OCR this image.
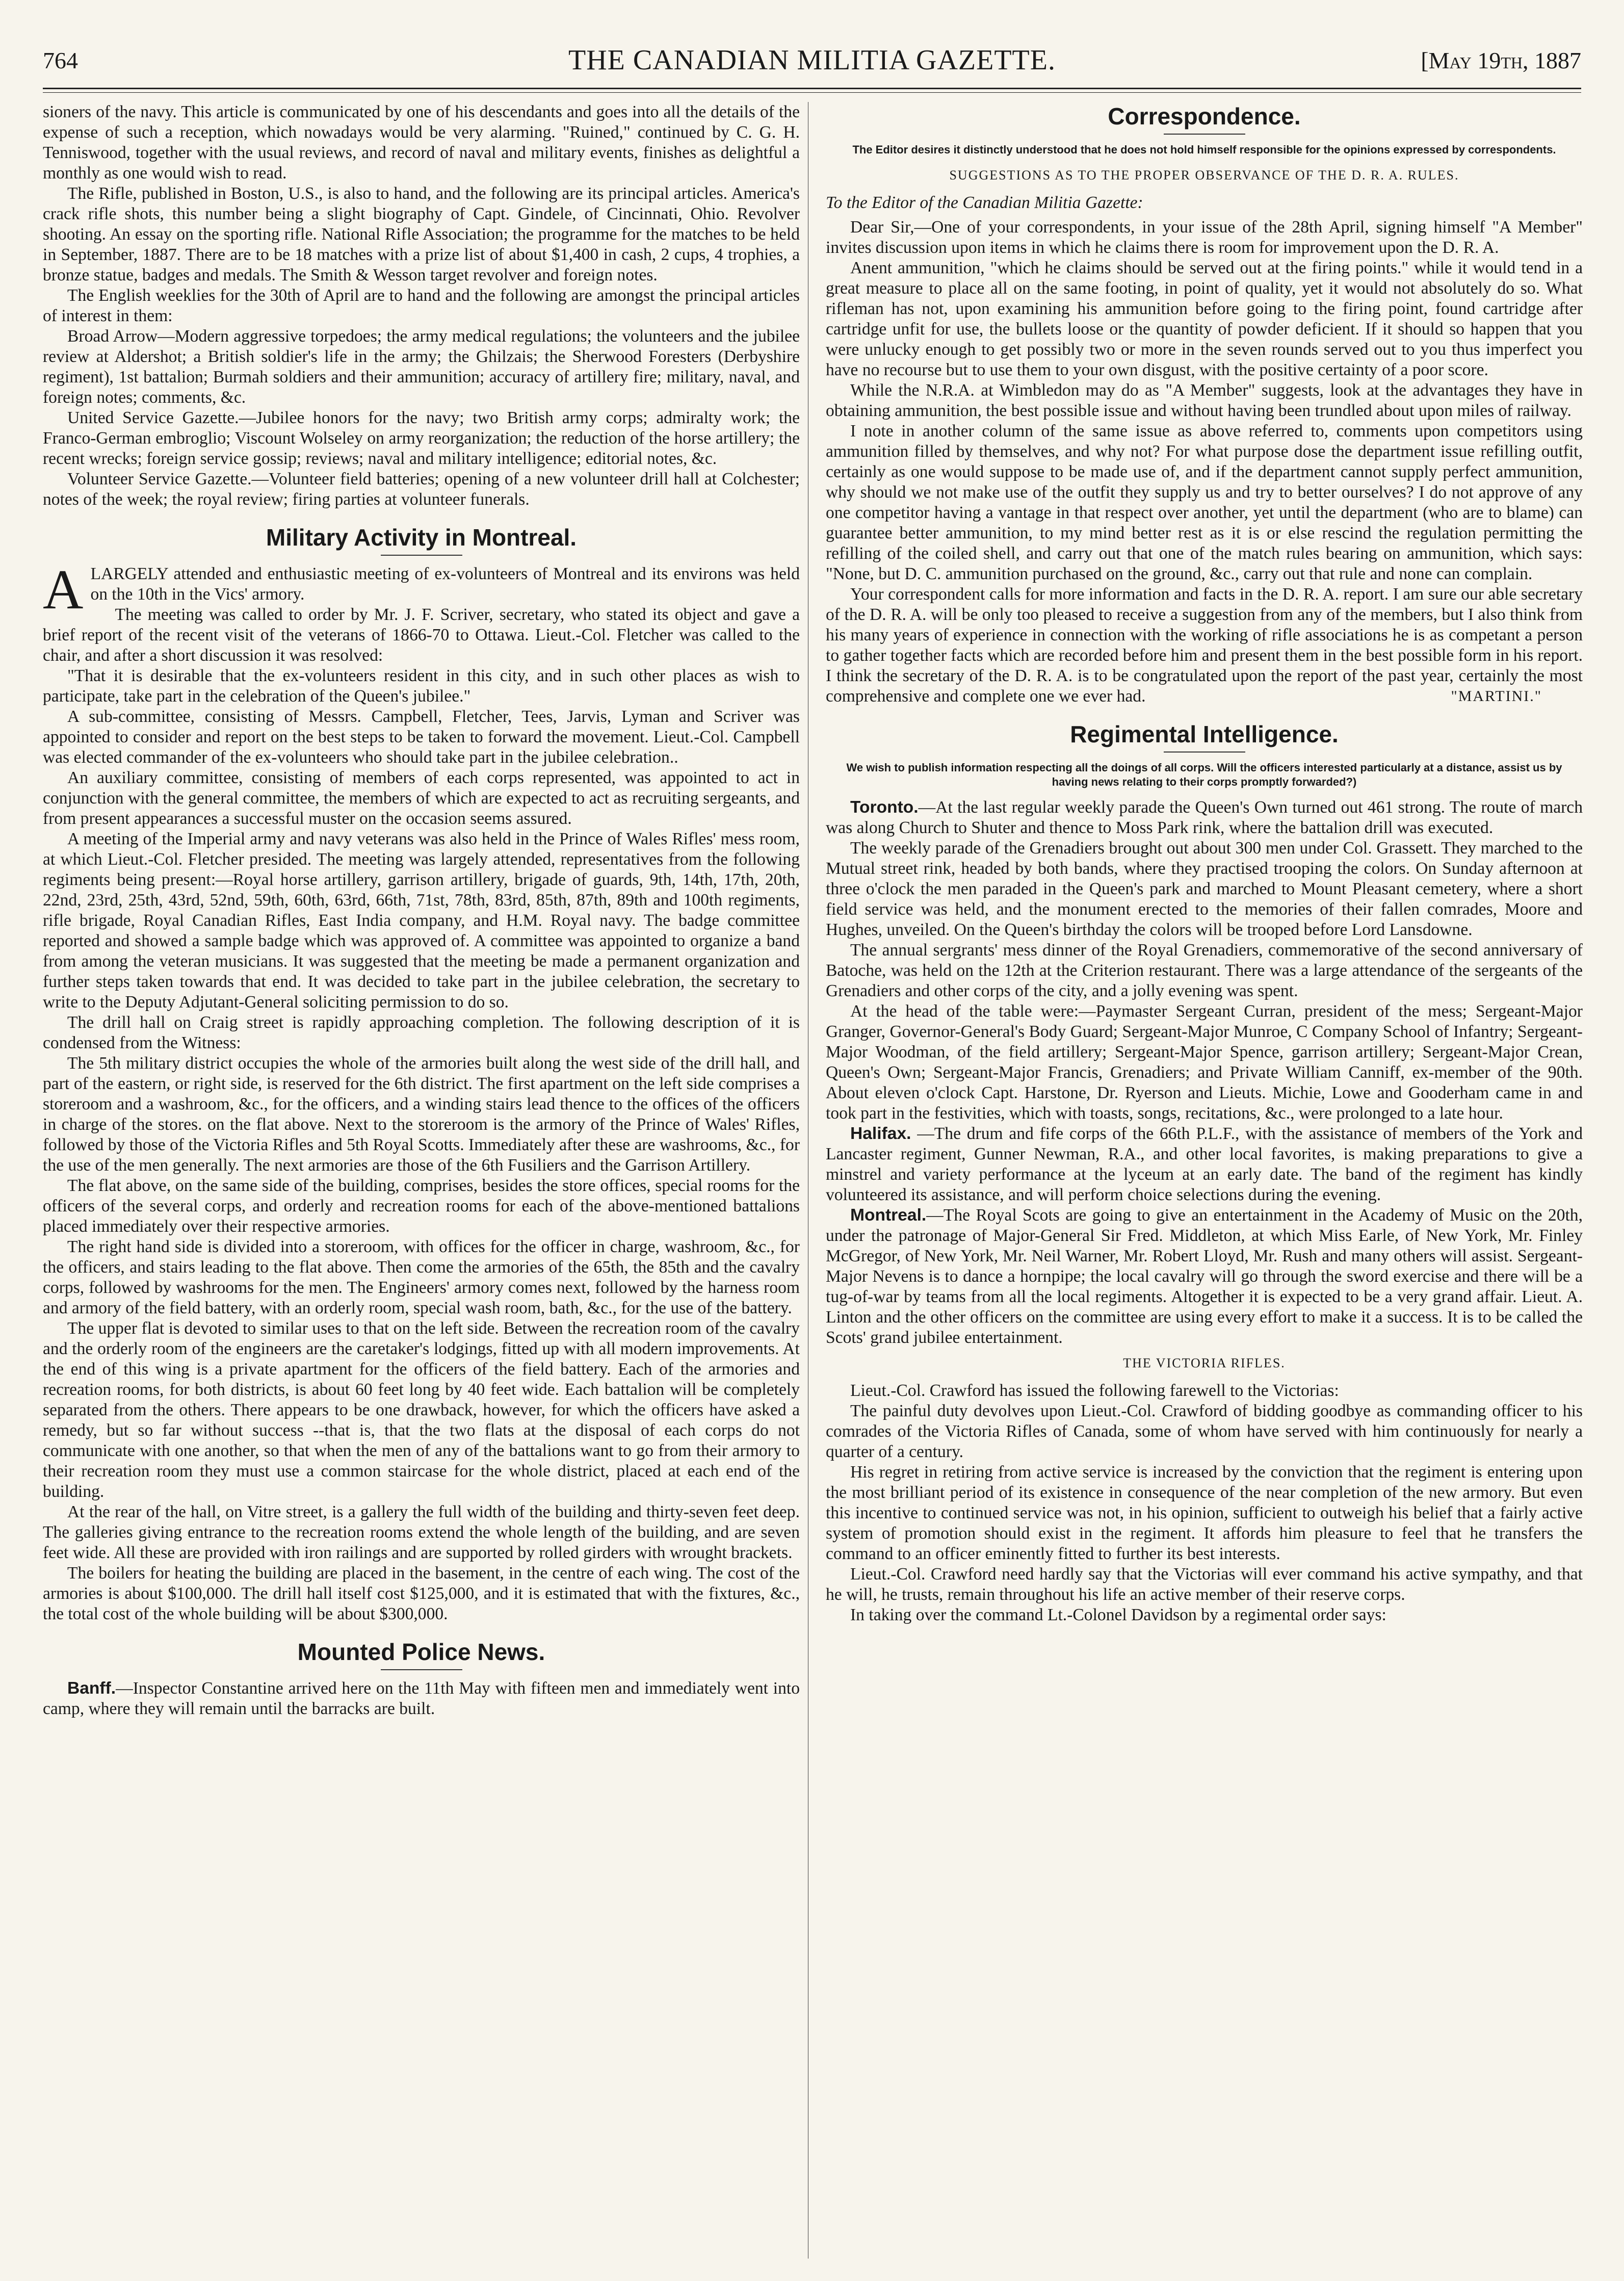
764	THE CANADIAN MILITIA GAZETTE.	[May 19th, 1887

sioners of the navy. This article is communicated by one of his descendants and goes into all the details of the expense of such a reception, which nowadays would be very alarming. "Ruined," continued by C. G. H. Tenniswood, together with the usual reviews, and record of naval and military events, finishes as delightful a monthly as one would wish to read.

The Rifle, published in Boston, U.S., is also to hand, and the following are its principal articles. America's crack rifle shots, this number being a slight biography of Capt. Gindele, of Cincinnati, Ohio. Revolver shooting. An essay on the sporting rifle. National Rifle Association; the programme for the matches to be held in September, 1887. There are to be 18 matches with a prize list of about $1,400 in cash, 2 cups, 4 trophies, a bronze statue, badges and medals. The Smith & Wesson target revolver and foreign notes.

The English weeklies for the 30th of April are to hand and the following are amongst the principal articles of interest in them:

Broad Arrow—Modern aggressive torpedoes; the army medical regulations; the volunteers and the jubilee review at Aldershot; a British soldier's life in the army; the Ghilzais; the Sherwood Foresters (Derbyshire regiment), 1st battalion; Burmah soldiers and their ammunition; accuracy of artillery fire; military, naval, and foreign notes; comments, &c.

United Service Gazette.—Jubilee honors for the navy; two British army corps; admiralty work; the Franco-German embroglio; Viscount Wolseley on army reorganization; the reduction of the horse artillery; the recent wrecks; foreign service gossip; reviews; naval and military intelligence; editorial notes, &c.

Volunteer Service Gazette.—Volunteer field batteries; opening of a new volunteer drill hall at Colchester; notes of the week; the royal review; firing parties at volunteer funerals.

Military Activity in Montreal.

ALARGELY attended and enthusiastic meeting of ex-volunteers of Montreal and its environs was held on the 10th in the Vics' armory.

The meeting was called to order by Mr. J. F. Scriver, secretary, who stated its object and gave a brief report of the recent visit of the veterans of 1866-70 to Ottawa. Lieut.-Col. Fletcher was called to the chair, and after a short discussion it was resolved:

"That it is desirable that the ex-volunteers resident in this city, and in such other places as wish to participate, take part in the celebration of the Queen's jubilee."

A sub-committee, consisting of Messrs. Campbell, Fletcher, Tees, Jarvis, Lyman and Scriver was appointed to consider and report on the best steps to be taken to forward the movement. Lieut.-Col. Campbell was elected commander of the ex-volunteers who should take part in the jubilee celebration..

An auxiliary committee, consisting of members of each corps represented, was appointed to act in conjunction with the general committee, the members of which are expected to act as recruiting sergeants, and from present appearances a successful muster on the occasion seems assured.

A meeting of the Imperial army and navy veterans was also held in the Prince of Wales Rifles' mess room, at which Lieut.-Col. Fletcher presided. The meeting was largely attended, representatives from the following regiments being present:—Royal horse artillery, garrison artillery, brigade of guards, 9th, 14th, 17th, 20th, 22nd, 23rd, 25th, 43rd, 52nd, 59th, 60th, 63rd, 66th, 71st, 78th, 83rd, 85th, 87th, 89th and 100th regiments, rifle brigade, Royal Canadian Rifles, East India company, and H.M. Royal navy. The badge committee reported and showed a sample badge which was approved of. A committee was appointed to organize a band from among the veteran musicians. It was suggested that the meeting be made a permanent organization and further steps taken towards that end. It was decided to take part in the jubilee celebration, the secretary to write to the Deputy Adjutant-General soliciting permission to do so.

The drill hall on Craig street is rapidly approaching completion. The following description of it is condensed from the Witness:

The 5th military district occupies the whole of the armories built along the west side of the drill hall, and part of the eastern, or right side, is reserved for the 6th district. The first apartment on the left side comprises a storeroom and a washroom, &c., for the officers, and a winding stairs lead thence to the offices of the officers in charge of the stores. on the flat above. Next to the storeroom is the armory of the Prince of Wales' Rifles, followed by those of the Victoria Rifles and 5th Royal Scotts. Immediately after these are washrooms, &c., for the use of the men generally. The next armories are those of the 6th Fusiliers and the Garrison Artillery.

The flat above, on the same side of the building, comprises, besides the store offices, special rooms for the officers of the several corps, and orderly and recreation rooms for each of the above-mentioned battalions placed immediately over their respective armories.

The right hand side is divided into a storeroom, with offices for the officer in charge, washroom, &c., for the officers, and stairs leading to the flat above. Then come the armories of the 65th, the 85th and the cavalry corps, followed by washrooms for the men. The Engineers' armory comes next, followed by the harness room and armory of the field battery, with an orderly room, special wash room, bath, &c., for the use of the battery.

The upper flat is devoted to similar uses to that on the left side. Between the recreation room of the cavalry and the orderly room of the engineers are the caretaker's lodgings, fitted up with all modern improvements. At the end of this wing is a private apartment for the officers of the field battery. Each of the armories and recreation rooms, for both districts, is about 60 feet long by 40 feet wide. Each battalion will be completely separated from the others. There appears to be one drawback, however, for which the officers have asked a remedy, but so far without success --that is, that the two flats at the disposal of each corps do not communicate with one another, so that when the men of any of the battalions want to go from their armory to their recreation room they must use a common staircase for the whole district, placed at each end of the building.

At the rear of the hall, on Vitre street, is a gallery the full width of the building and thirty-seven feet deep. The galleries giving entrance to the recreation rooms extend the whole length of the building, and are seven feet wide. All these are provided with iron railings and are supported by rolled girders with wrought brackets.

The boilers for heating the building are placed in the basement, in the centre of each wing. The cost of the armories is about $100,000. The drill hall itself cost $125,000, and it is estimated that with the fixtures, &c., the total cost of the whole building will be about $300,000.

Mounted Police News.

Banff.—Inspector Constantine arrived here on the 11th May with fifteen men and immediately went into camp, where they will remain until the barracks are built.

Correspondence.
The Editor desires it distinctly understood that he does not hold himself responsible for the opinions expressed by correspondents.
SUGGESTIONS AS TO THE PROPER OBSERVANCE OF THE D. R. A. RULES.

To the Editor of the Canadian Militia Gazette:

Dear Sir,—One of your correspondents, in your issue of the 28th April, signing himself "A Member" invites discussion upon items in which he claims there is room for improvement upon the D. R. A.

Anent ammunition, "which he claims should be served out at the firing points." while it would tend in a great measure to place all on the same footing, in point of quality, yet it would not absolutely do so. What rifleman has not, upon examining his ammunition before going to the firing point, found cartridge after cartridge unfit for use, the bullets loose or the quantity of powder deficient. If it should so happen that you were unlucky enough to get possibly two or more in the seven rounds served out to you thus imperfect you have no recourse but to use them to your own disgust, with the positive certainty of a poor score.

While the N.R.A. at Wimbledon may do as "A Member" suggests, look at the advantages they have in obtaining ammunition, the best possible issue and without having been trundled about upon miles of railway.

I note in another column of the same issue as above referred to, comments upon competitors using ammunition filled by themselves, and why not? For what purpose dose the department issue refilling outfit, certainly as one would suppose to be made use of, and if the department cannot supply perfect ammunition, why should we not make use of the outfit they supply us and try to better ourselves? I do not approve of any one competitor having a vantage in that respect over another, yet until the department (who are to blame) can guarantee better ammunition, to my mind better rest as it is or else rescind the regulation permitting the refilling of the coiled shell, and carry out that one of the match rules bearing on ammunition, which says: "None, but D. C. ammunition purchased on the ground, &c., carry out that rule and none can complain.

Your correspondent calls for more information and facts in the D. R. A. report. I am sure our able secretary of the D. R. A. will be only too pleased to receive a suggestion from any of the members, but I also think from his many years of experience in connection with the working of rifle associations he is as competant a person to gather together facts which are recorded before him and present them in the best possible form in his report. I think the secretary of the D. R. A. is to be congratulated upon the report of the past year, certainly the most comprehensive and complete one we ever had.	"MARTINI."
Regimental Intelligence.
We wish to publish information respecting all the doings of all corps. Will the officers interested particularly at a distance, assist us by having news relating to their corps promptly forwarded?)

Toronto.—At the last regular weekly parade the Queen's Own turned out 461 strong. The route of march was along Church to Shuter and thence to Moss Park rink, where the battalion drill was executed.

The weekly parade of the Grenadiers brought out about 300 men under Col. Grassett. They marched to the Mutual street rink, headed by both bands, where they practised trooping the colors. On Sunday afternoon at three o'clock the men paraded in the Queen's park and marched to Mount Pleasant cemetery, where a short field service was held, and the monument erected to the memories of their fallen comrades, Moore and Hughes, unveiled. On the Queen's birthday the colors will be trooped before Lord Lansdowne.

The annual sergrants' mess dinner of the Royal Grenadiers, commemorative of the second anniversary of Batoche, was held on the 12th at the Criterion restaurant. There was a large attendance of the sergeants of the Grenadiers and other corps of the city, and a jolly evening was spent.

At the head of the table were:—Paymaster Sergeant Curran, president of the mess; Sergeant-Major Granger, Governor-General's Body Guard; Sergeant-Major Munroe, C Company School of Infantry; Sergeant-Major Woodman, of the field artillery; Sergeant-Major Spence, garrison artillery; Sergeant-Major Crean, Queen's Own; Sergeant-Major Francis, Grenadiers; and Private William Canniff, ex-member of the 90th. About eleven o'clock Capt. Harstone, Dr. Ryerson and Lieuts. Michie, Lowe and Gooderham came in and took part in the festivities, which with toasts, songs, recitations, &c., were prolonged to a late hour.

Halifax. —The drum and fife corps of the 66th P.L.F., with the assistance of members of the York and Lancaster regiment, Gunner Newman, R.A., and other local favorites, is making preparations to give a minstrel and variety performance at the lyceum at an early date. The band of the regiment has kindly volunteered its assistance, and will perform choice selections during the evening.

Montreal.—The Royal Scots are going to give an entertainment in the Academy of Music on the 20th, under the patronage of Major-General Sir Fred. Middleton, at which Miss Earle, of New York, Mr. Finley McGregor, of New York, Mr. Neil Warner, Mr. Robert Lloyd, Mr. Rush and many others will assist. Sergeant-Major Nevens is to dance a hornpipe; the local cavalry will go through the sword exercise and there will be a tug-of-war by teams from all the local regiments. Altogether it is expected to be a very grand affair. Lieut. A. Linton and the other officers on the committee are using every effort to make it a success. It is to be called the Scots' grand jubilee entertainment.

THE VICTORIA RIFLES.

Lieut.-Col. Crawford has issued the following farewell to the Victorias:

The painful duty devolves upon Lieut.-Col. Crawford of bidding goodbye as commanding officer to his comrades of the Victoria Rifles of Canada, some of whom have served with him continuously for nearly a quarter of a century.

His regret in retiring from active service is increased by the conviction that the regiment is entering upon the most brilliant period of its existence in consequence of the near completion of the new armory. But even this incentive to continued service was not, in his opinion, sufficient to outweigh his belief that a fairly active system of promotion should exist in the regiment. It affords him pleasure to feel that he transfers the command to an officer eminently fitted to further its best interests.

Lieut.-Col. Crawford need hardly say that the Victorias will ever command his active sympathy, and that he will, he trusts, remain throughout his life an active member of their reserve corps.

In taking over the command Lt.-Colonel Davidson by a regimental order says:
